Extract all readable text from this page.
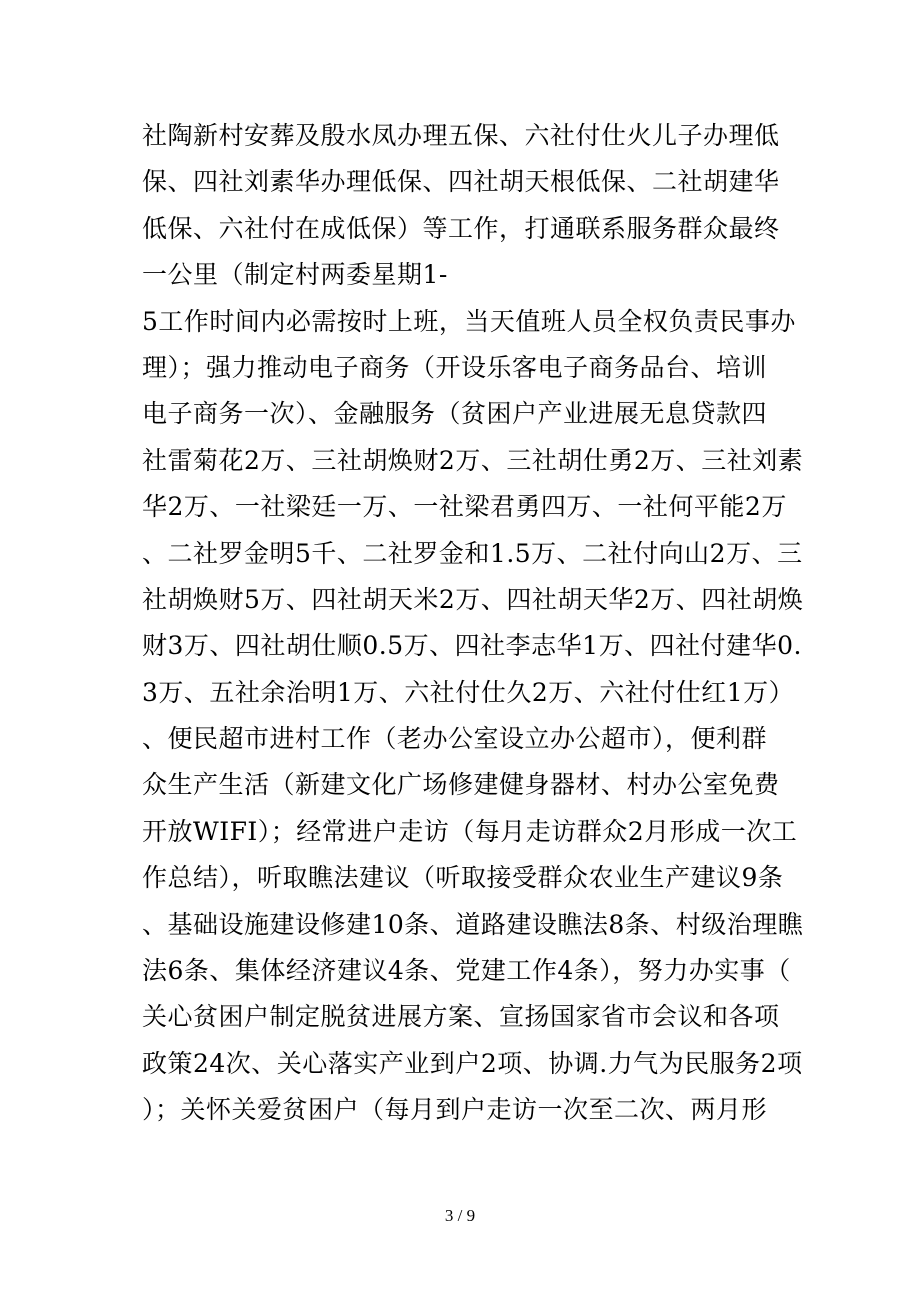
社陶新村安葬及殷水凤办理五保、六社付仕火儿子办理低
保、四社刘素华办理低保、四社胡天根低保、二社胡建华
低保、六社付在成低保）等工作，打通联系服务群众最终
一公里（制定村两委星期1-
5工作时间内必需按时上班，当天值班人员全权负责民事办
理）；强力推动电子商务（开设乐客电子商务品台、培训
电子商务一次）、金融服务（贫困户产业进展无息贷款四
社雷菊花2万、三社胡焕财2万、三社胡仕勇2万、三社刘素
华2万、一社梁廷一万、一社梁君勇四万、一社何平能2万
、二社罗金明5千、二社罗金和1.5万、二社付向山2万、三
社胡焕财5万、四社胡天米2万、四社胡天华2万、四社胡焕
财3万、四社胡仕顺0.5万、四社李志华1万、四社付建华0.
3万、五社余治明1万、六社付仕久2万、六社付仕红1万）
、便民超市进村工作（老办公室设立办公超市），便利群
众生产生活（新建文化广场修建健身器材、村办公室免费
开放WIFI）；经常进户走访（每月走访群众2月形成一次工
作总结），听取瞧法建议（听取接受群众农业生产建议9条
、基础设施建设修建10条、道路建设瞧法8条、村级治理瞧
法6条、集体经济建议4条、党建工作4条），努力办实事（
关心贫困户制定脱贫进展方案、宣扬国家省市会议和各项
政策24次、关心落实产业到户2项、协调.力气为民服务2项
）；关怀关爱贫困户（每月到户走访一次至二次、两月形
3 / 9
